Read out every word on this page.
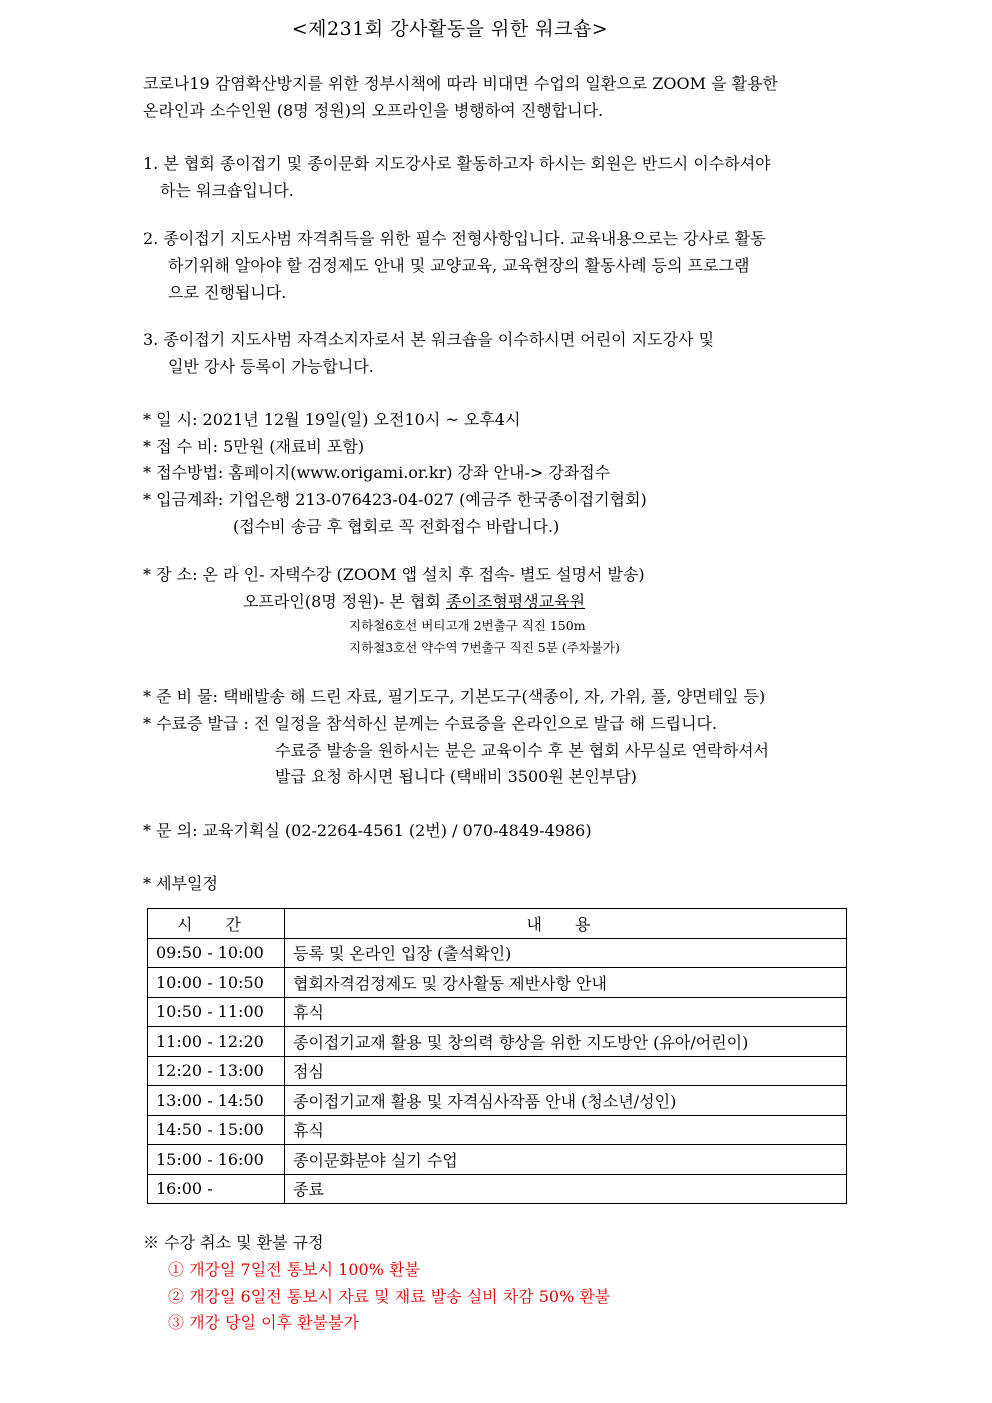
<제231회 강사활동을 위한 워크숍>
코로나19 감염확산방지를 위한 정부시책에 따라 비대면 수업의 일환으로 ZOOM 을 활용한
온라인과 소수인원 (8명 정원)의 오프라인을 병행하여 진행합니다.
1. 본 협회 종이접기 및 종이문화 지도강사로 활동하고자 하시는 회원은 반드시 이수하셔야
하는 워크숍입니다.
2. 종이접기 지도사범 자격취득을 위한 필수 전형사항입니다. 교육내용으로는 강사로 활동
하기위해 알아야 할 검정제도 안내 및 교양교육, 교육현장의 활동사례 등의 프로그램
으로 진행됩니다.
3. 종이접기 지도사범 자격소지자로서 본 워크숍을 이수하시면 어린이 지도강사 및
일반 강사 등록이 가능합니다.
* 일 시: 2021년 12월 19일(일) 오전10시 ~ 오후4시
* 접 수 비: 5만원 (재료비 포함)
* 접수방법: 홈페이지(www.origami.or.kr) 강좌 안내-> 강좌접수
* 입금계좌: 기업은행 213-076423-04-027 (예금주 한국종이접기협회)
(접수비 송금 후 협회로 꼭 전화접수 바랍니다.)
* 장 소: 온 라 인- 자택수강 (ZOOM 앱 설치 후 접속- 별도 설명서 발송)
오프라인(8명 정원)- 본 협회 종이조형평생교육원
지하철6호선 버티고개 2번출구 직진 150m
지하철3호선 약수역 7번출구 직진 5분 (주차불가)
* 준 비 물: 택배발송 해 드린 자료, 필기도구, 기본도구(색종이, 자, 가위, 풀, 양면테잎 등)
* 수료증 발급 : 전 일정을 참석하신 분께는 수료증을 온라인으로 발급 해 드립니다.
수료증 발송을 원하시는 분은 교육이수 후 본 협회 사무실로 연락하셔서
발급 요청 하시면 됩니다 (택배비 3500원 본인부담)
* 문 의: 교육기획실 (02-2264-4561 (2번) / 070-4849-4986)
* 세부일정
시 간	내 용
09:50 - 10:00	등록 및 온라인 입장 (출석확인)
10:00 - 10:50	협회자격검정제도 및 강사활동 제반사항 안내
10:50 - 11:00	휴식
11:00 - 12:20	종이접기교재 활용 및 창의력 향상을 위한 지도방안 (유아/어린이)
12:20 - 13:00	점심
13:00 - 14:50	종이접기교재 활용 및 자격심사작품 안내 (청소년/성인)
14:50 - 15:00	휴식
15:00 - 16:00	종이문화분야 실기 수업
16:00 -	종료
※ 수강 취소 및 환불 규정
① 개강일 7일전 통보시 100% 환불
② 개강일 6일전 통보시 자료 및 재료 발송 실비 차감 50% 환불
③ 개강 당일 이후 환불불가
